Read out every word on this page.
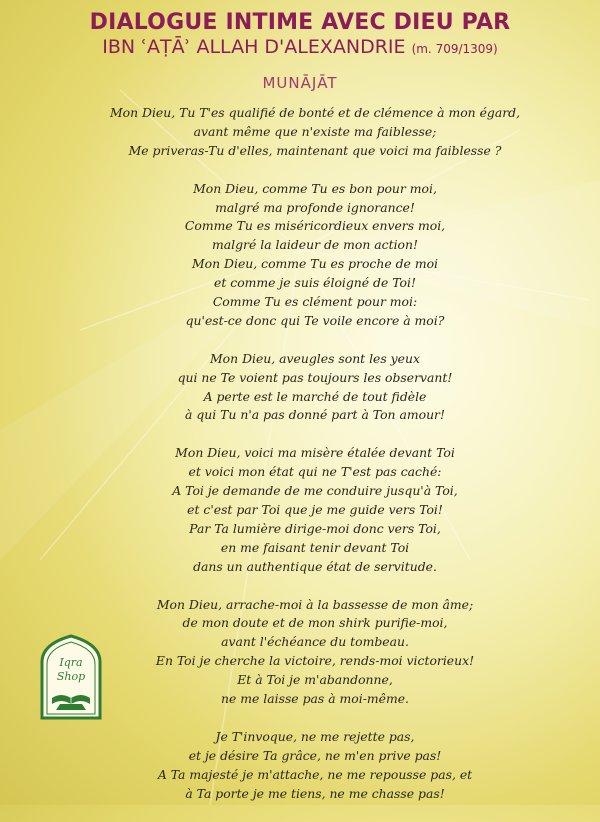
DIALOGUE INTIME AVEC DIEU PAR
IBN ʿAṬĀʾ ALLAH D'ALEXANDRIE (m. 709/1309)
MUNĀJĀT
Mon Dieu, Tu T'es qualifié de bonté et de clémence à mon égard,
avant même que n'existe ma faiblesse;
Me priveras-Tu d'elles, maintenant que voici ma faiblesse ?
Mon Dieu, comme Tu es bon pour moi,
malgré ma profonde ignorance!
Comme Tu es miséricordieux envers moi,
malgré la laideur de mon action!
Mon Dieu, comme Tu es proche de moi
et comme je suis éloigné de Toi!
Comme Tu es clément pour moi:
qu'est-ce donc qui Te voile encore à moi?
Mon Dieu, aveugles sont les yeux
qui ne Te voient pas toujours les observant!
A perte est le marché de tout fidèle
à qui Tu n'a pas donné part à Ton amour!
Mon Dieu, voici ma misère étalée devant Toi
et voici mon état qui ne T'est pas caché:
A Toi je demande de me conduire jusqu'à Toi,
et c'est par Toi que je me guide vers Toi!
Par Ta lumière dirige-moi donc vers Toi,
en me faisant tenir devant Toi
dans un authentique état de servitude.
Mon Dieu, arrache-moi à la bassesse de mon âme;
de mon doute et de mon shirk purifie-moi,
avant l'échéance du tombeau.
En Toi je cherche la victoire, rends-moi victorieux!
Et à Toi je m'abandonne,
ne me laisse pas à moi-même.
Je T'invoque, ne me rejette pas,
et je désire Ta grâce, ne m'en prive pas!
A Ta majesté je m'attache, ne me repousse pas, et
à Ta porte je me tiens, ne me chasse pas!
Iqra
Shop
